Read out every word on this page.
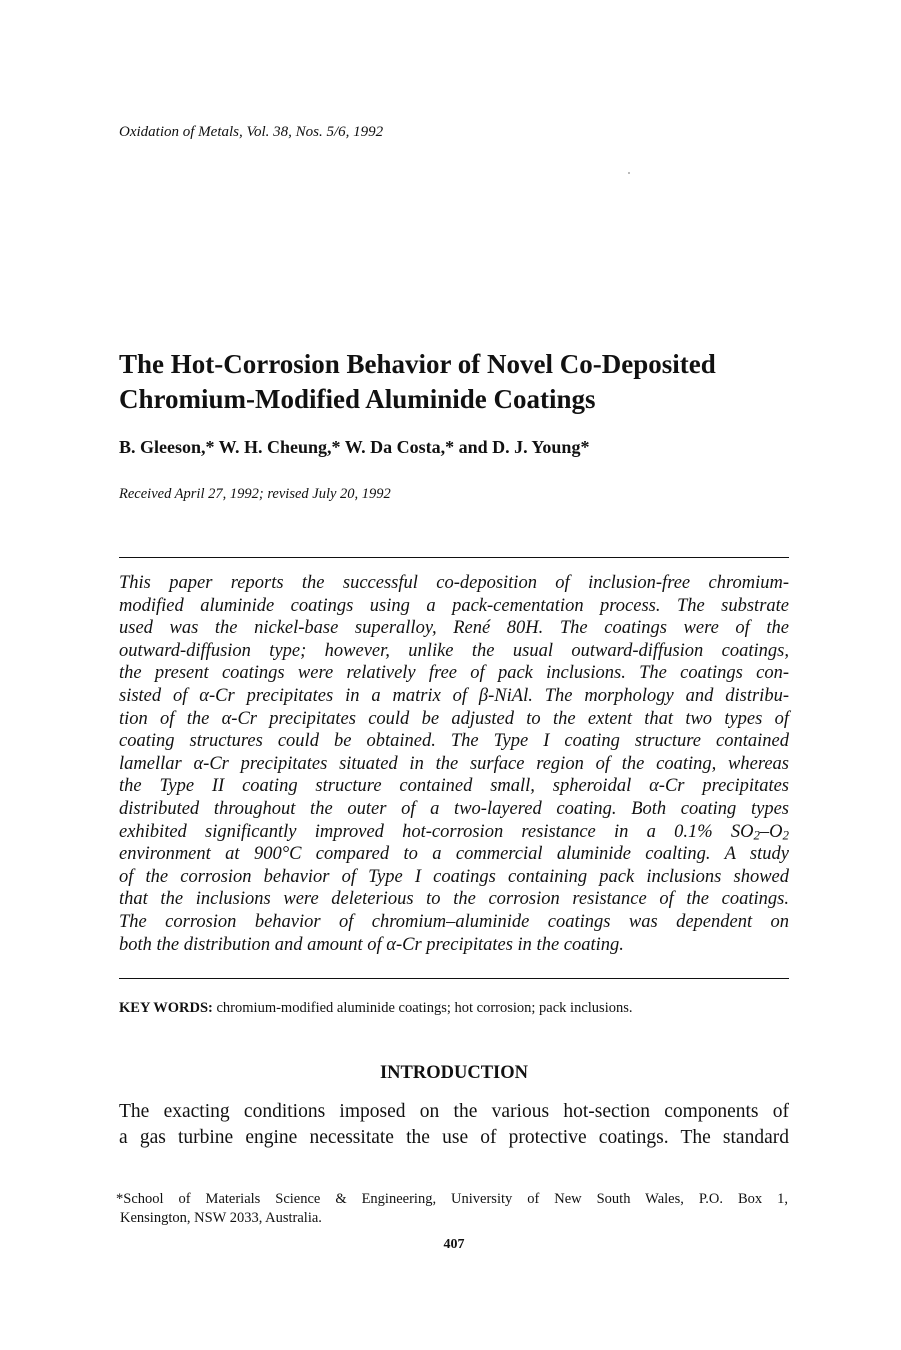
Oxidation of Metals, Vol. 38, Nos. 5/6, 1992
The Hot-Corrosion Behavior of Novel Co-Deposited
Chromium-Modified Aluminide Coatings
B. Gleeson,* W. H. Cheung,* W. Da Costa,* and D. J. Young*
Received April 27, 1992; revised July 20, 1992
This paper reports the successful co-deposition of inclusion-free chromium-
modified aluminide coatings using a pack-cementation process. The substrate
used was the nickel-base superalloy, René 80H. The coatings were of the
outward-diffusion type; however, unlike the usual outward-diffusion coatings,
the present coatings were relatively free of pack inclusions. The coatings con-
sisted of α-Cr precipitates in a matrix of β-NiAl. The morphology and distribu-
tion of the α-Cr precipitates could be adjusted to the extent that two types of
coating structures could be obtained. The Type I coating structure contained
lamellar α-Cr precipitates situated in the surface region of the coating, whereas
the Type II coating structure contained small, spheroidal α-Cr precipitates
distributed throughout the outer of a two-layered coating. Both coating types
exhibited significantly improved hot-corrosion resistance in a 0.1% $SO_2-O_2$
environment at 900°C compared to a commercial aluminide coalting. A study
of the corrosion behavior of Type I coatings containing pack inclusions showed
that the inclusions were deleterious to the corrosion resistance of the coatings.
The corrosion behavior of chromium–aluminide coatings was dependent on
both the distribution and amount of α-Cr precipitates in the coating.
KEY WORDS: chromium-modified aluminide coatings; hot corrosion; pack inclusions.
INTRODUCTION
The exacting conditions imposed on the various hot-section components of
a gas turbine engine necessitate the use of protective coatings. The standard
*School of Materials Science & Engineering, University of New South Wales, P.O. Box 1,
Kensington, NSW 2033, Australia.
407
